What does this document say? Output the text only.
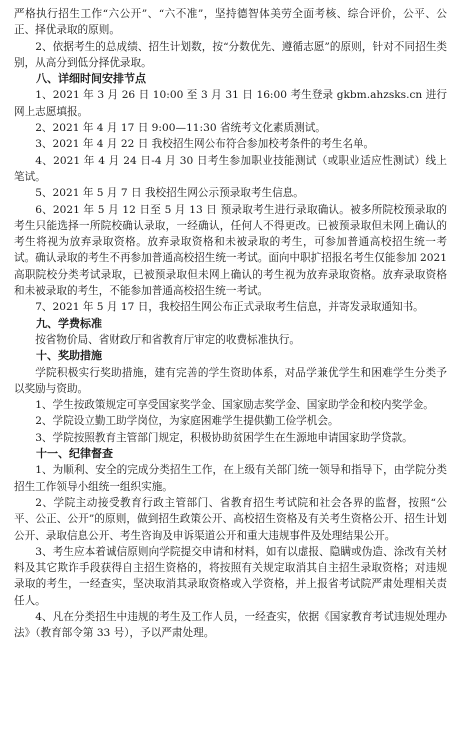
严格执行招生工作“六公开”、“六不准”，坚持德智体美劳全面考核、综合评价，公平、公正、择优录取的原则。

2、依据考生的总成绩、招生计划数，按“分数优先、遵循志愿”的原则，针对不同招生类别，从高分到低分择优录取。

八、详细时间安排节点

1、2021 年 3 月 26 日 10:00 至 3 月 31 日 16:00 考生登录 gkbm.ahzsks.cn 进行网上志愿填报。

2、2021 年 4 月 17 日 9:00—11:30 省统考文化素质测试。

3、2021 年 4 月 22 日 我校招生网公布符合参加校考条件的考生名单。

4、2021 年 4 月 24 日-4 月 30 日考生参加职业技能测试（或职业适应性测试）线上笔试。

5、2021 年 5 月 7 日 我校招生网公示预录取考生信息。

6、2021 年 5 月 12 日至 5 月 13 日 预录取考生进行录取确认。被多所院校预录取的考生只能选择一所院校确认录取，一经确认，任何人不得更改。已被预录取但未网上确认的考生将视为放弃录取资格。放弃录取资格和未被录取的考生，可参加普通高校招生统一考试。确认录取的考生不再参加普通高校招生统一考试。面向中职扩招报名考生仅能参加 2021 高职院校分类考试录取，已被预录取但未网上确认的考生视为放弃录取资格。放弃录取资格和未被录取的考生，不能参加普通高校招生统一考试。

7、2021 年 5 月 17 日，我校招生网公布正式录取考生信息，并寄发录取通知书。

九、学费标准

按省物价局、省财政厅和省教育厅审定的收费标准执行。

十、奖助措施

学院积极实行奖助措施，建有完善的学生资助体系，对品学兼优学生和困难学生分类予以奖励与资助。

1、学生按政策规定可享受国家奖学金、国家励志奖学金、国家助学金和校内奖学金。

2、学院设立勤工助学岗位，为家庭困难学生提供勤工俭学机会。

3、学院按照教育主管部门规定，积极协助贫困学生在生源地申请国家助学贷款。

十一、纪律督查

1、为顺利、安全的完成分类招生工作，在上级有关部门统一领导和指导下，由学院分类招生工作领导小组统一组织实施。

2、学院主动接受教育行政主管部门、省教育招生考试院和社会各界的监督，按照“公平、公正、公开”的原则，做到招生政策公开、高校招生资格及有关考生资格公开、招生计划公开、录取信息公开、考生咨询及申诉渠道公开和重大违规事件及处理结果公开。

3、考生应本着诚信原则向学院提交申请和材料，如有以虚报、隐瞒或伪造、涂改有关材料及其它欺诈手段获得自主招生资格的，将按照有关规定取消其自主招生录取资格；对违规录取的考生，一经查实，坚决取消其录取资格或入学资格，并上报省考试院严肃处理相关责任人。

4、凡在分类招生中违规的考生及工作人员，一经查实，依据《国家教育考试违规处理办法》（教育部令第 33 号），予以严肃处理。
